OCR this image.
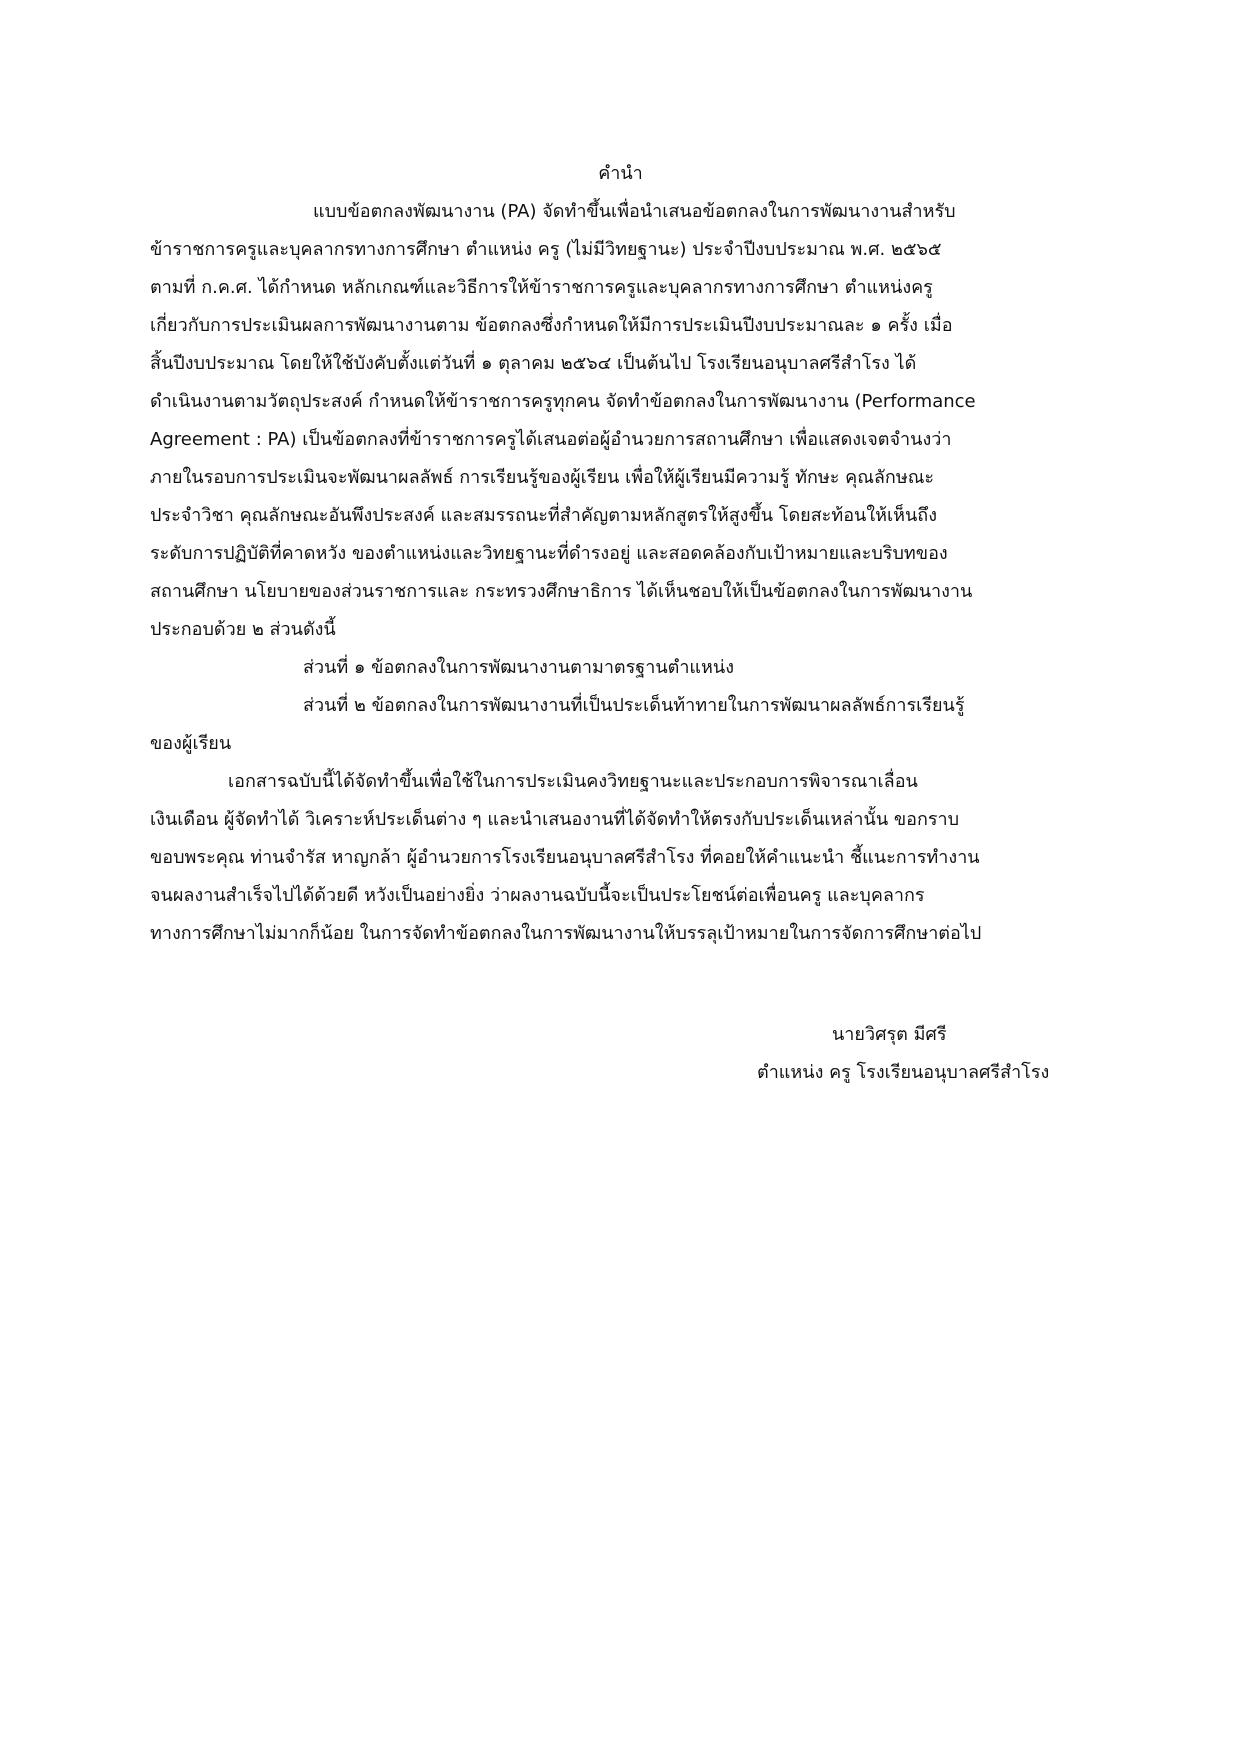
คำนำ
แบบข้อตกลงพัฒนางาน (PA) จัดทำขึ้นเพื่อนำเสนอข้อตกลงในการพัฒนางานสำหรับ
ข้าราชการครูและบุคลากรทางการศึกษา ตำแหน่ง ครู (ไม่มีวิทยฐานะ) ประจำปีงบประมาณ พ.ศ. ๒๕๖๕
ตามที่ ก.ค.ศ. ได้กำหนด หลักเกณฑ์และวิธีการให้ข้าราชการครูและบุคลากรทางการศึกษา ตำแหน่งครู
เกี่ยวกับการประเมินผลการพัฒนางานตาม ข้อตกลงซึ่งกำหนดให้มีการประเมินปีงบประมาณละ ๑ ครั้ง เมื่อ
สิ้นปีงบประมาณ โดยให้ใช้บังคับตั้งแต่วันที่ ๑ ตุลาคม ๒๕๖๔ เป็นต้นไป โรงเรียนอนุบาลศรีสำโรง ได้
ดำเนินงานตามวัตถุประสงค์ กำหนดให้ข้าราชการครูทุกคน จัดทำข้อตกลงในการพัฒนางาน (Performance
Agreement : PA) เป็นข้อตกลงที่ข้าราชการครูได้เสนอต่อผู้อำนวยการสถานศึกษา เพื่อแสดงเจตจำนงว่า
ภายในรอบการประเมินจะพัฒนาผลลัพธ์ การเรียนรู้ของผู้เรียน เพื่อให้ผู้เรียนมีความรู้ ทักษะ คุณลักษณะ
ประจำวิชา คุณลักษณะอันพึงประสงค์ และสมรรถนะที่สำคัญตามหลักสูตรให้สูงขึ้น โดยสะท้อนให้เห็นถึง
ระดับการปฏิบัติที่คาดหวัง ของตำแหน่งและวิทยฐานะที่ดำรงอยู่ และสอดคล้องกับเป้าหมายและบริบทของ
สถานศึกษา นโยบายของส่วนราชการและ กระทรวงศึกษาธิการ ได้เห็นชอบให้เป็นข้อตกลงในการพัฒนางาน
ประกอบด้วย ๒ ส่วนดังนี้
ส่วนที่ ๑ ข้อตกลงในการพัฒนางานตามาตรฐานตำแหน่ง
ส่วนที่ ๒ ข้อตกลงในการพัฒนางานที่เป็นประเด็นท้าทายในการพัฒนาผลลัพธ์การเรียนรู้
ของผู้เรียน
เอกสารฉบับนี้ได้จัดทำขึ้นเพื่อใช้ในการประเมินคงวิทยฐานะและประกอบการพิจารณาเลื่อน
เงินเดือน ผู้จัดทำได้ วิเคราะห์ประเด็นต่าง ๆ และนำเสนองานที่ได้จัดทำให้ตรงกับประเด็นเหล่านั้น ขอกราบ
ขอบพระคุณ ท่านจำรัส หาญกล้า ผู้อำนวยการโรงเรียนอนุบาลศรีสำโรง ที่คอยให้คำแนะนำ ชี้แนะการทำงาน
จนผลงานสำเร็จไปได้ด้วยดี หวังเป็นอย่างยิ่ง ว่าผลงานฉบับนี้จะเป็นประโยชน์ต่อเพื่อนครู และบุคลากร
ทางการศึกษาไม่มากก็น้อย ในการจัดทำข้อตกลงในการพัฒนางานให้บรรลุเป้าหมายในการจัดการศึกษาต่อไป
นายวิศรุต มีศรี
ตำแหน่ง ครู โรงเรียนอนุบาลศรีสำโรง
